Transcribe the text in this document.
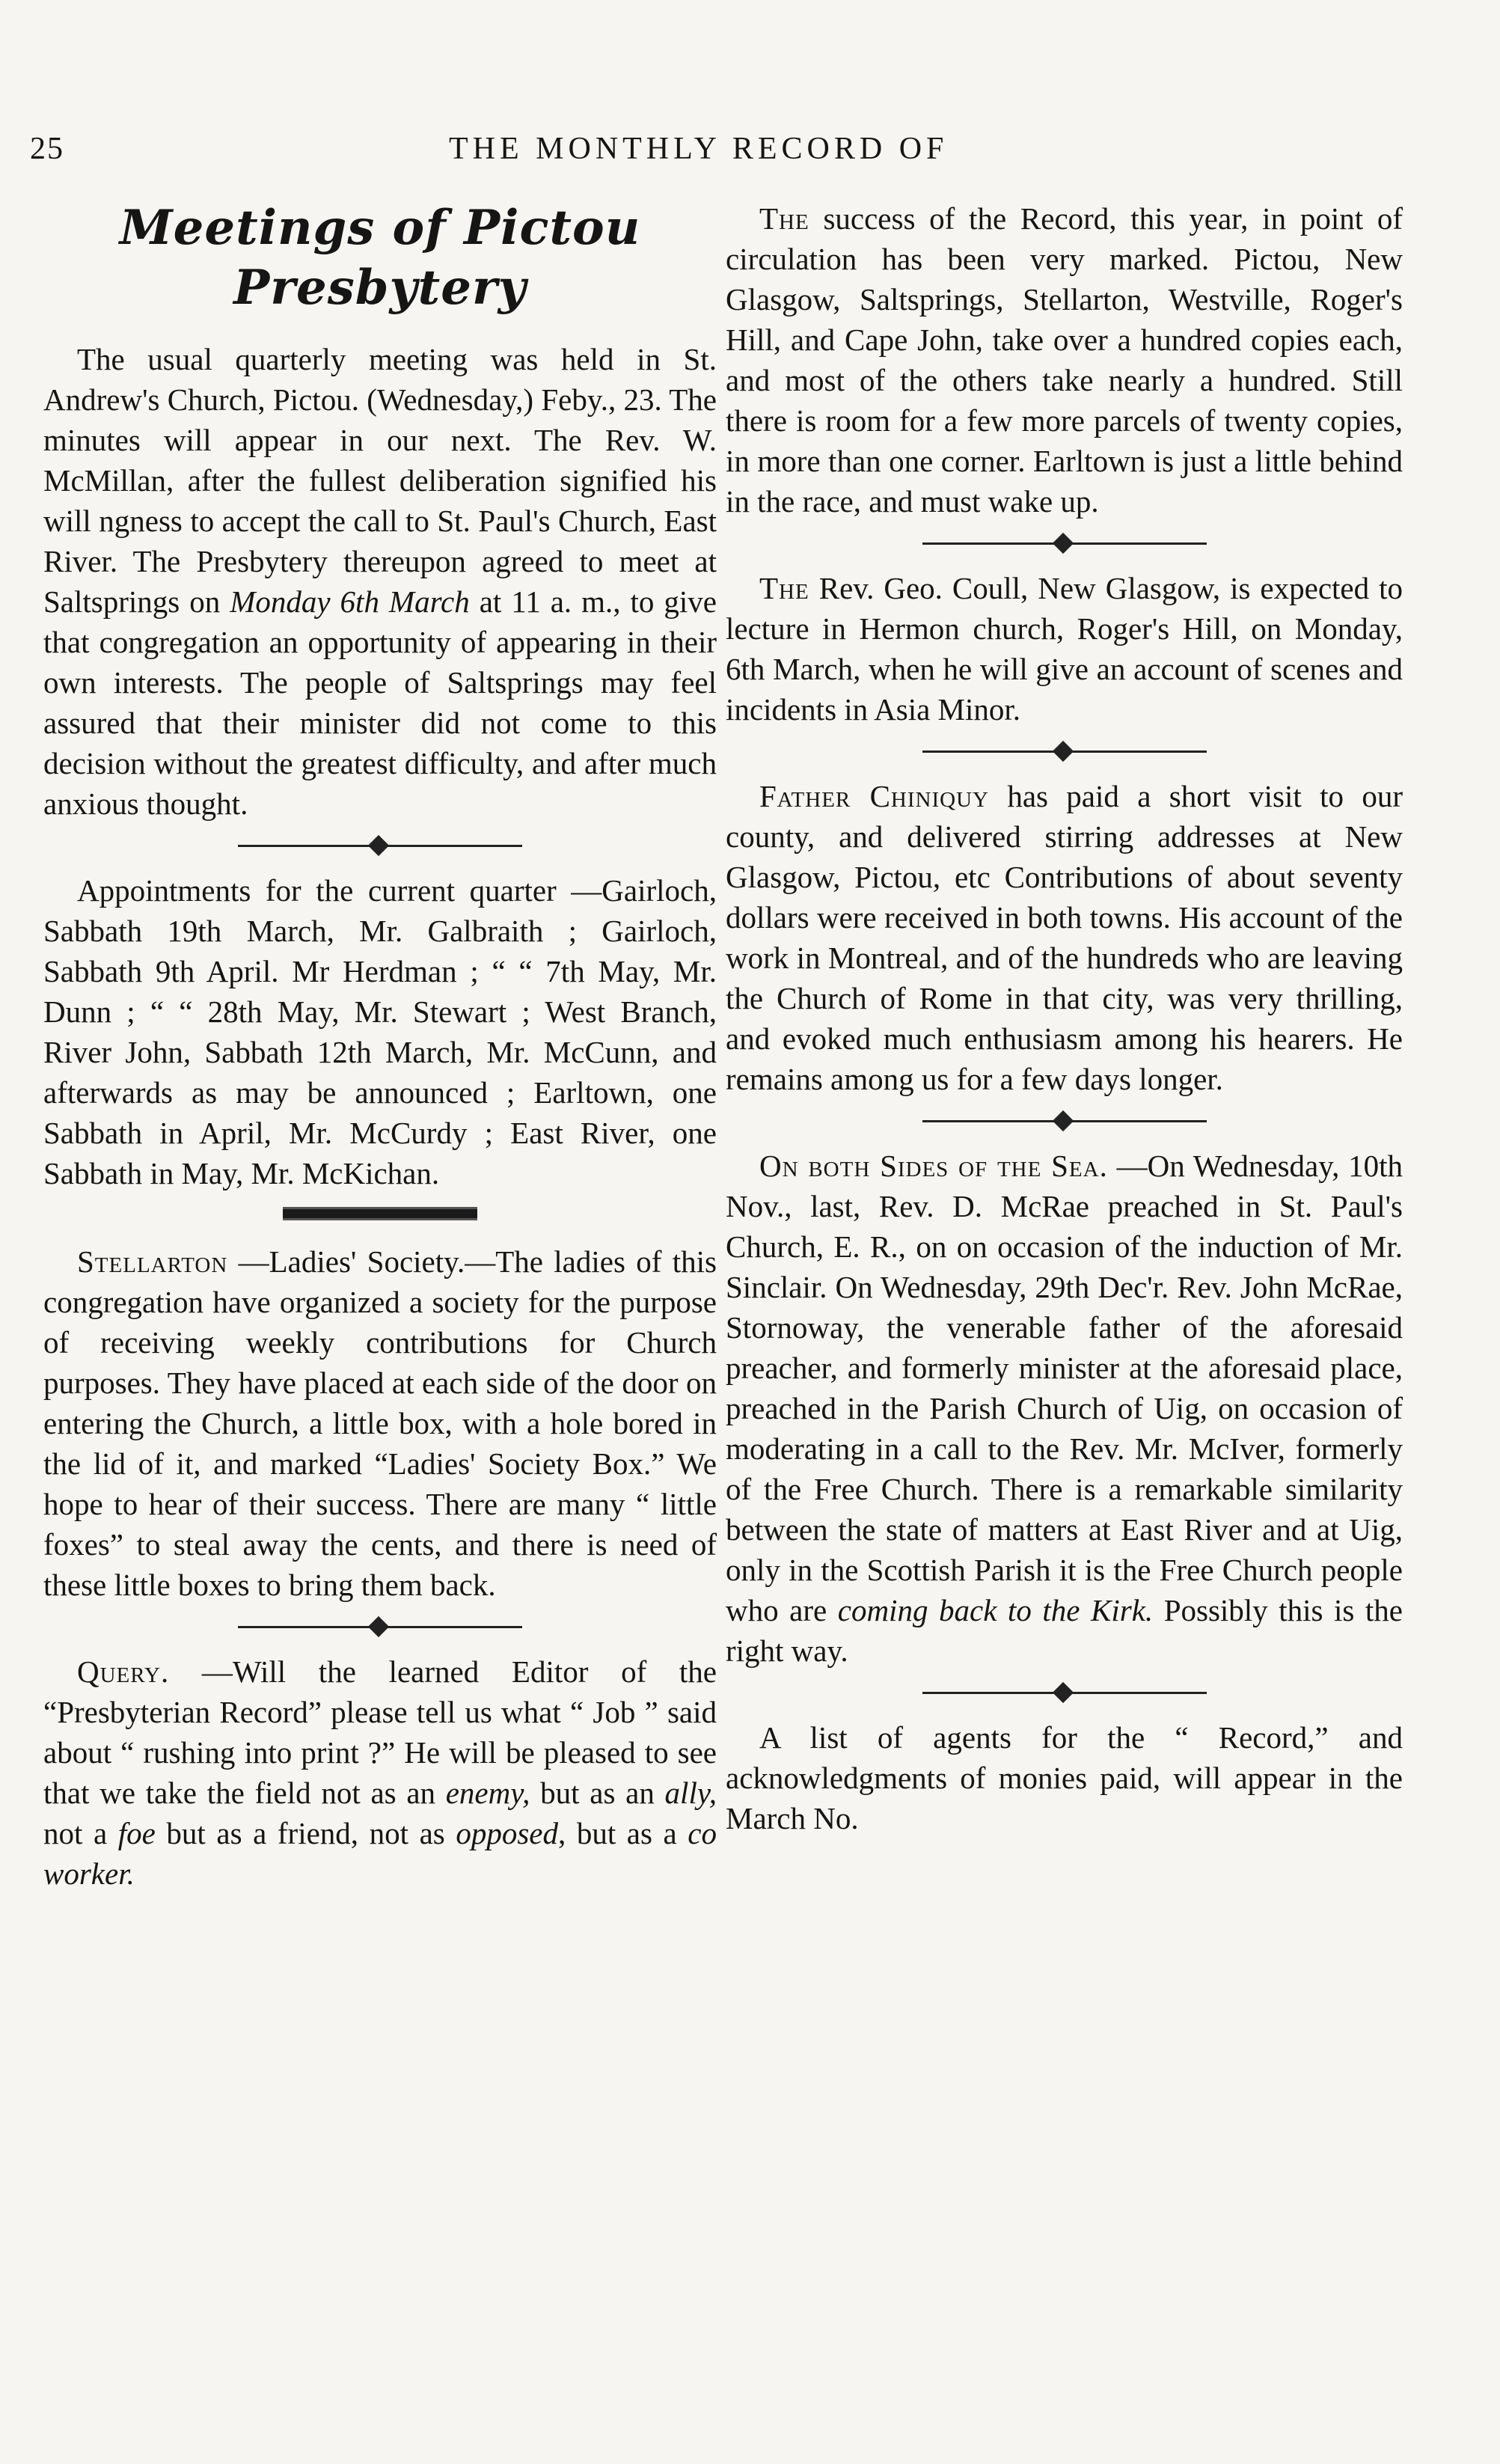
25	THE MONTHLY RECORD OF
Meetings of Pictou Presbytery

The usual quarterly meeting was held in St. Andrew's Church, Pictou. (Wednesday,) Feby., 23. The minutes will appear in our next. The Rev. W. McMillan, after the fullest deliberation signified his will ngness to accept the call to St. Paul's Church, East River. The Presbytery thereupon agreed to meet at Saltsprings on Monday 6th March at 11 a. m., to give that congregation an opportunity of appearing in their own interests. The people of Saltsprings may feel assured that their minister did not come to this decision without the greatest difficulty, and after much anxious thought.

Appointments for the current quarter —Gairloch, Sabbath 19th March, Mr. Galbraith ; Gairloch, Sabbath 9th April. Mr Herdman ; “ “ 7th May, Mr. Dunn ; “ “ 28th May, Mr. Stewart ; West Branch, River John, Sabbath 12th March, Mr. McCunn, and afterwards as may be announced ; Earltown, one Sabbath in April, Mr. McCurdy ; East River, one Sabbath in May, Mr. McKichan.

Stellarton —Ladies' Society.—The ladies of this congregation have organized a society for the purpose of receiving weekly contributions for Church purposes. They have placed at each side of the door on entering the Church, a little box, with a hole bored in the lid of it, and marked “Ladies' Society Box.” We hope to hear of their success. There are many “ little foxes” to steal away the cents, and there is need of these little boxes to bring them back.

Query. —Will the learned Editor of the “Presbyterian Record” please tell us what “ Job ” said about “ rushing into print ?” He will be pleased to see that we take the field not as an enemy, but as an ally, not a foe but as a friend, not as opposed, but as a co worker.

The success of the Record, this year, in point of circulation has been very marked. Pictou, New Glasgow, Saltsprings, Stellarton, Westville, Roger's Hill, and Cape John, take over a hundred copies each, and most of the others take nearly a hundred. Still there is room for a few more parcels of twenty copies, in more than one corner. Earltown is just a little behind in the race, and must wake up.

The Rev. Geo. Coull, New Glasgow, is expected to lecture in Hermon church, Roger's Hill, on Monday, 6th March, when he will give an account of scenes and incidents in Asia Minor.

Father Chiniquy has paid a short visit to our county, and delivered stirring addresses at New Glasgow, Pictou, etc Contributions of about seventy dollars were received in both towns. His account of the work in Montreal, and of the hundreds who are leaving the Church of Rome in that city, was very thrilling, and evoked much enthusiasm among his hearers. He remains among us for a few days longer.

On both Sides of the Sea. —On Wednesday, 10th Nov., last, Rev. D. McRae preached in St. Paul's Church, E. R., on on occasion of the induction of Mr. Sinclair. On Wednesday, 29th Dec'r. Rev. John McRae, Stornoway, the venerable father of the aforesaid preacher, and formerly minister at the aforesaid place, preached in the Parish Church of Uig, on occasion of moderating in a call to the Rev. Mr. McIver, formerly of the Free Church. There is a remarkable similarity between the state of matters at East River and at Uig, only in the Scottish Parish it is the Free Church people who are coming back to the Kirk. Possibly this is the right way.

A list of agents for the “ Record,” and acknowledgments of monies paid, will appear in the March No.
